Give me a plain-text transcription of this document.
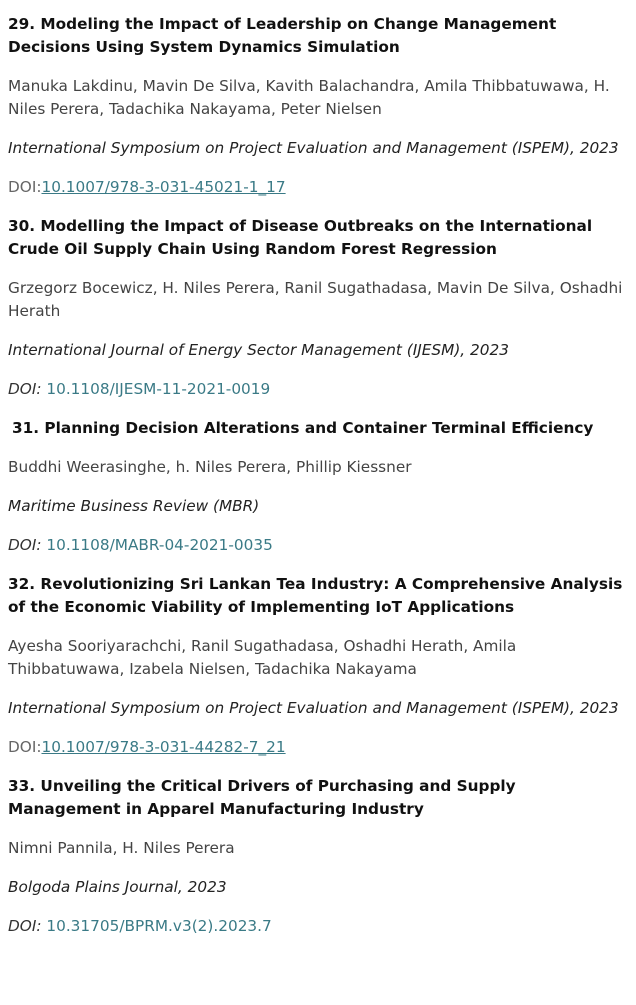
29. Modeling the Impact of Leadership on Change Management Decisions Using System Dynamics Simulation

Manuka Lakdinu, Mavin De Silva, Kavith Balachandra, Amila Thibbatuwawa, H. Niles Perera, Tadachika Nakayama, Peter Nielsen

International Symposium on Project Evaluation and Management (ISPEM), 2023

DOI:10.1007/978-3-031-45021-1_17

30. Modelling the Impact of Disease Outbreaks on the International Crude Oil Supply Chain Using Random Forest Regression

Grzegorz Bocewicz, H. Niles Perera, Ranil Sugathadasa, Mavin De Silva, Oshadhi Herath

International Journal of Energy Sector Management (IJESM), 2023

DOI: 10.1108/IJESM-11-2021-0019

31. Planning Decision Alterations and Container Terminal Efficiency

Buddhi Weerasinghe, h. Niles Perera, Phillip Kiessner

Maritime Business Review (MBR)

DOI: 10.1108/MABR-04-2021-0035

32. Revolutionizing Sri Lankan Tea Industry: A Comprehensive Analysis of the Economic Viability of Implementing IoT Applications

Ayesha Sooriyarachchi, Ranil Sugathadasa, Oshadhi Herath, Amila Thibbatuwawa, Izabela Nielsen, Tadachika Nakayama

International Symposium on Project Evaluation and Management (ISPEM), 2023

DOI:10.1007/978-3-031-44282-7_21

33. Unveiling the Critical Drivers of Purchasing and Supply Management in Apparel Manufacturing Industry

Nimni Pannila, H. Niles Perera

Bolgoda Plains Journal, 2023

DOI: 10.31705/BPRM.v3(2).2023.7
